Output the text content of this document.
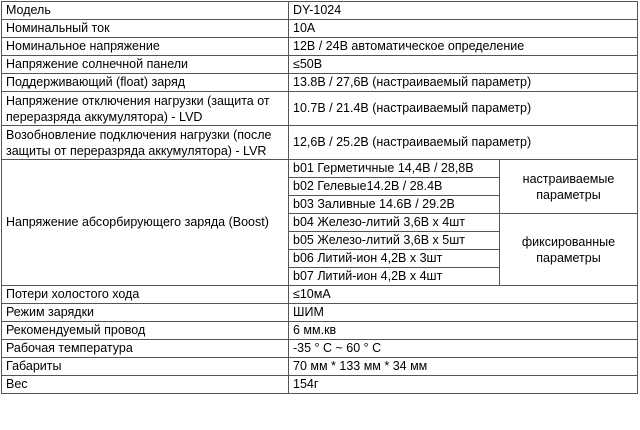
Модель	DY-1024	
Номинальный ток	10A	
Номинальное напряжение	12В / 24В автоматическое определение	
Напряжение солнечной панели	≤50В	
Поддерживающий (float) заряд	13.8В / 27,6В (настраиваемый параметр)	
Напряжение отключения нагрузки (защита от переразряда аккумулятора) - LVD	10.7В / 21.4В (настраиваемый параметр)	
Возобновление подключения нагрузки (после защиты от переразряда аккумулятора) - LVR	12,6В / 25.2В (настраиваемый параметр)	
Напряжение абсорбирующего заряда (Boost)	b01 Герметичные 14,4В / 28,8В	настраиваемые параметры
	b02 Гелевые14.2В / 28.4В	
	b03 Заливные 14.6В / 29.2В	
	b04 Железо-литий 3,6В х 4шт	фиксированные параметры
	b05 Железо-литий 3,6В х 5шт	
	b06 Литий-ион 4,2В х 3шт	
	b07 Литий-ион 4,2В х 4шт	
Потери холостого хода	≤10мА	
Режим зарядки	ШИМ	
Рекомендуемый провод	6 мм.кв	
Рабочая температура	-35 ° С ~ 60 ° С	
Габариты	70 мм * 133 мм * 34 мм	
Вес	154г	
